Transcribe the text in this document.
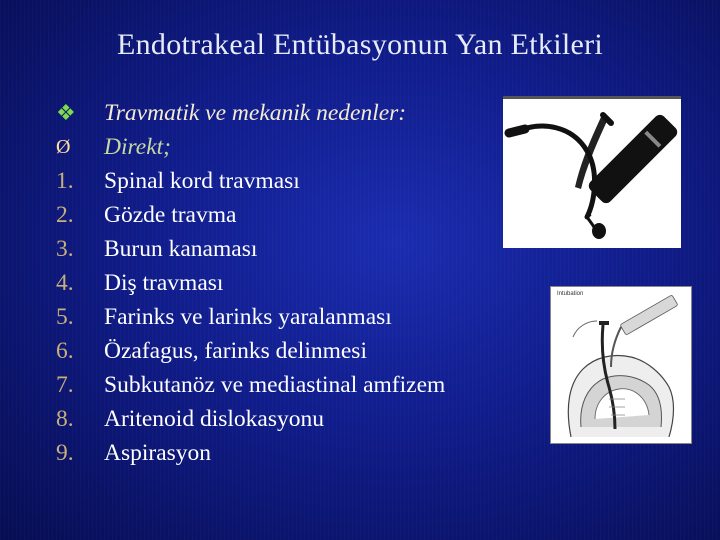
Endotrakeal Entübasyonun Yan Etkileri
❖	Travmatik ve mekanik nedenler:
Ø	Direkt;
1.	Spinal kord travması
2.	Gözde travma
3.	Burun kanaması
4.	Diş travması
5.	Farinks ve larinks yaralanması
6.	Özafagus, farinks delinmesi
7.	Subkutanöz ve mediastinal amfizem
8.	Aritenoid dislokasyonu
9.	Aspirasyon
Intubation
